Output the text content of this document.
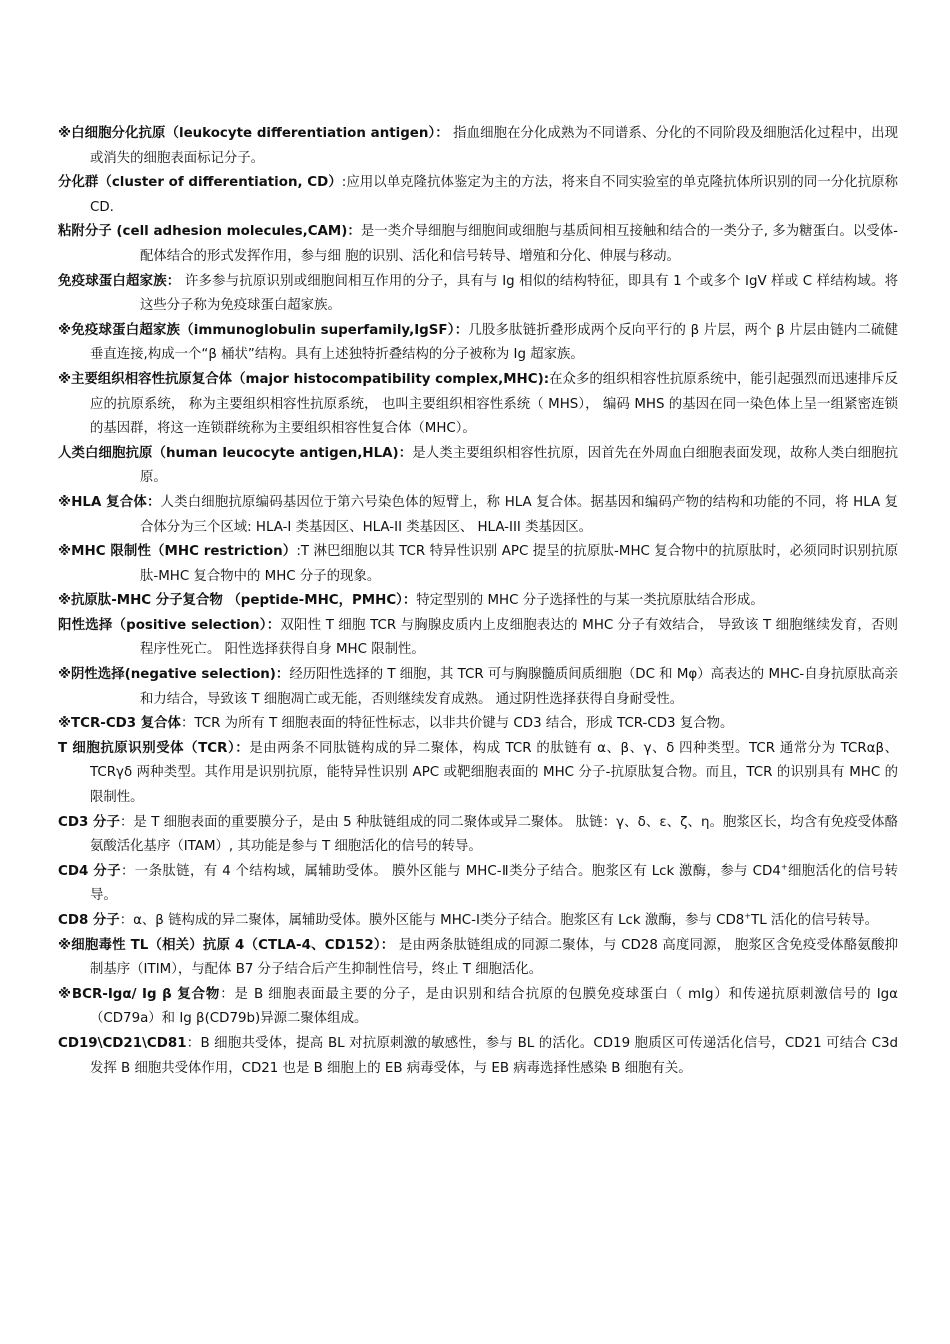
※白细胞分化抗原（leukocyte differentiation antigen）： 指血细胞在分化成熟为不同谱系、分化的不同阶段及细胞活化过程中，出现或消失的细胞表面标记分子。

分化群（cluster of differentiation, CD）:应用以单克隆抗体鉴定为主的方法，将来自不同实验室的单克隆抗体所识别的同一分化抗原称CD.

粘附分子 (cell adhesion molecules,CAM)：是一类介导细胞与细胞间或细胞与基质间相互接触和结合的一类分子, 多为糖蛋白。以受体-配体结合的形式发挥作用，参与细 胞的识别、活化和信号转导、增殖和分化、伸展与移动。

免疫球蛋白超家族： 许多参与抗原识别或细胞间相互作用的分子，具有与 Ig 相似的结构特征，即具有 1 个或多个 IgV 样或 C 样结构域。将这些分子称为免疫球蛋白超家族。

※免疫球蛋白超家族（immunoglobulin superfamily,IgSF）：几股多肽链折叠形成两个反向平行的 β 片层，两个 β 片层由链内二硫健垂直连接,构成一个“β 桶状”结构。具有上述独特折叠结构的分子被称为 Ig 超家族。

※主要组织相容性抗原复合体（major histocompatibility complex,MHC):在众多的组织相容性抗原系统中，能引起强烈而迅速排斥反应的抗原系统， 称为主要组织相容性抗原系统， 也叫主要组织相容性系统（ MHS）， 编码 MHS 的基因在同一染色体上呈一组紧密连锁的基因群，将这一连锁群统称为主要组织相容性复合体（MHC）。

人类白细胞抗原（human leucocyte antigen,HLA)：是人类主要组织相容性抗原，因首先在外周血白细胞表面发现，故称人类白细胞抗原。

※HLA 复合体：人类白细胞抗原编码基因位于第六号染色体的短臂上，称 HLA 复合体。据基因和编码产物的结构和功能的不同，将 HLA 复合体分为三个区域: HLA-I 类基因区、HLA-II 类基因区、 HLA-III 类基因区。

※MHC 限制性（MHC restriction）:T 淋巴细胞以其 TCR 特异性识别 APC 提呈的抗原肽-MHC 复合物中的抗原肽时，必须同时识别抗原肽-MHC 复合物中的 MHC 分子的现象。

※抗原肽-MHC 分子复合物 （peptide-MHC，PMHC）：特定型别的 MHC 分子选择性的与某一类抗原肽结合形成。

阳性选择（positive selection）：双阳性 T 细胞 TCR 与胸腺皮质内上皮细胞表达的 MHC 分子有效结合， 导致该 T 细胞继续发育，否则程序性死亡。 阳性选择获得自身 MHC 限制性。

※阴性选择(negative selection)：经历阳性选择的 T 细胞，其 TCR 可与胸腺髓质间质细胞（DC 和 Mφ）高表达的 MHC-自身抗原肽高亲和力结合，导致该 T 细胞凋亡或无能，否则继续发育成熟。 通过阴性选择获得自身耐受性。

※TCR-CD3 复合体：TCR 为所有 T 细胞表面的特征性标志，以非共价键与 CD3 结合，形成 TCR-CD3 复合物。

T 细胞抗原识别受体（TCR）：是由两条不同肽链构成的异二聚体，构成 TCR 的肽链有 α、β、γ、δ 四种类型。TCR 通常分为 TCRαβ、TCRγδ 两种类型。其作用是识别抗原，能特异性识别 APC 或靶细胞表面的 MHC 分子-抗原肽复合物。而且，TCR 的识别具有 MHC 的限制性。

CD3 分子：是 T 细胞表面的重要膜分子，是由 5 种肽链组成的同二聚体或异二聚体。 肽链：γ、δ、ε、ζ、η。胞浆区长，均含有免疫受体酪氨酸活化基序（ITAM）, 其功能是参与 T 细胞活化的信号的转导。

CD4 分子：一条肽链，有 4 个结构域，属辅助受体。 膜外区能与 MHC-Ⅱ类分子结合。胞浆区有 Lck 激酶，参与 CD4+细胞活化的信号转导。

CD8 分子：α、β 链构成的异二聚体，属辅助受体。膜外区能与 MHC-Ⅰ类分子结合。胞浆区有 Lck 激酶，参与 CD8+TL 活化的信号转导。

※细胞毒性 TL（相关）抗原 4（CTLA-4、CD152）： 是由两条肽链组成的同源二聚体，与 CD28 高度同源， 胞浆区含免疫受体酪氨酸抑制基序（ITIM），与配体 B7 分子结合后产生抑制性信号，终止 T 细胞活化。

※BCR-Igα/ Ig β 复合物：是 B 细胞表面最主要的分子，是由识别和结合抗原的包膜免疫球蛋白（ mIg）和传递抗原刺激信号的 Igα（CD79a）和 Ig β(CD79b)异源二聚体组成。

CD19\CD21\CD81：B 细胞共受体，提高 BL 对抗原刺激的敏感性，参与 BL 的活化。CD19 胞质区可传递活化信号，CD21 可结合 C3d 发挥 B 细胞共受体作用，CD21 也是 B 细胞上的 EB 病毒受体，与 EB 病毒选择性感染 B 细胞有关。
